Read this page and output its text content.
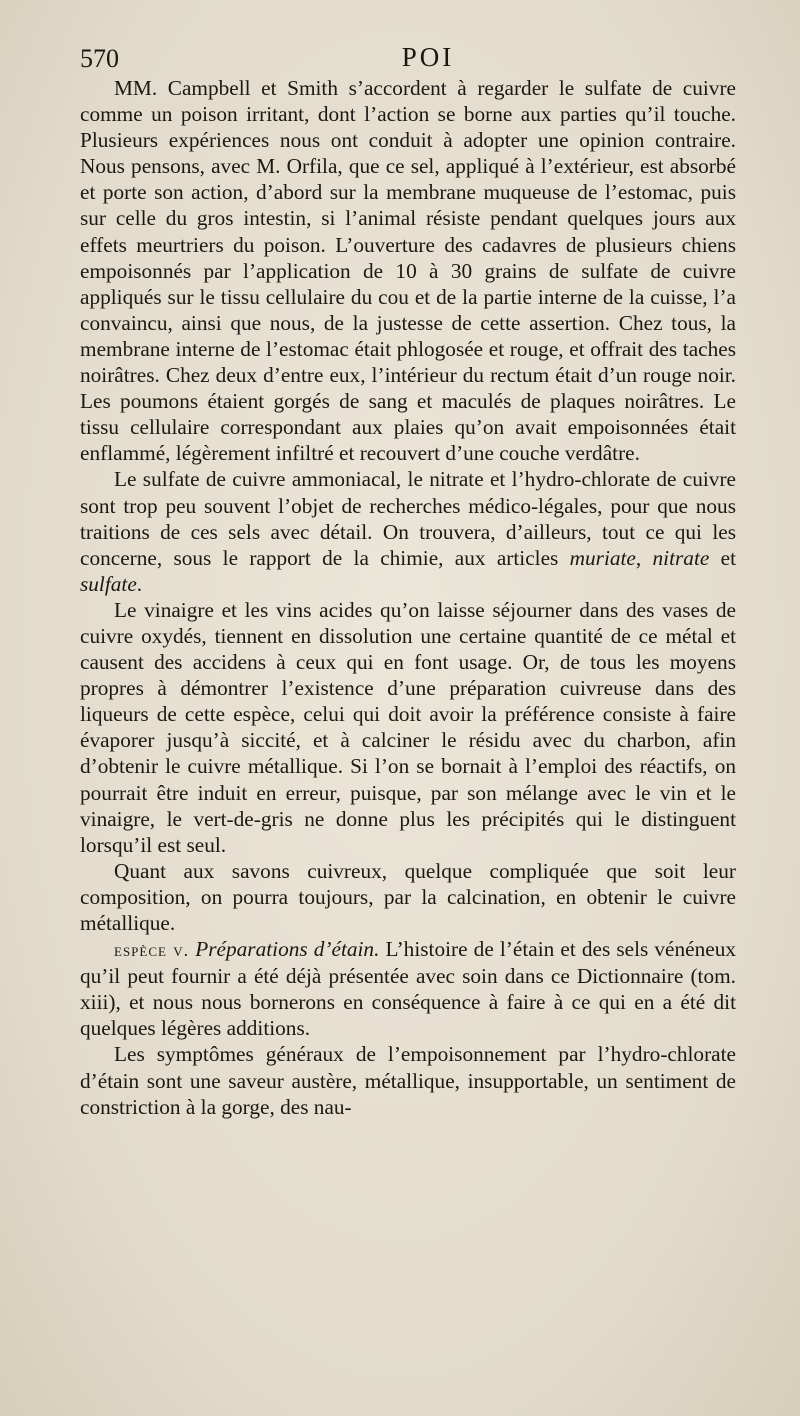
570	POI

MM. Campbell et Smith s’accordent à regarder le sulfate de cuivre comme un poison irritant, dont l’action se borne aux parties qu’il touche. Plusieurs expériences nous ont conduit à adopter une opinion contraire. Nous pensons, avec M. Orfila, que ce sel, appliqué à l’extérieur, est absorbé et porte son action, d’abord sur la membrane muqueuse de l’estomac, puis sur celle du gros intestin, si l’animal résiste pendant quelques jours aux effets meurtriers du poison. L’ouverture des cadavres de plusieurs chiens empoisonnés par l’application de 10 à 30 grains de sulfate de cuivre appliqués sur le tissu cellulaire du cou et de la partie interne de la cuisse, l’a convaincu, ainsi que nous, de la justesse de cette assertion. Chez tous, la membrane interne de l’estomac était phlogosée et rouge, et offrait des taches noirâtres. Chez deux d’entre eux, l’intérieur du rectum était d’un rouge noir. Les poumons étaient gorgés de sang et maculés de plaques noirâtres. Le tissu cellulaire correspondant aux plaies qu’on avait empoisonnées était enflammé, légèrement infiltré et recouvert d’une couche verdâtre.

Le sulfate de cuivre ammoniacal, le nitrate et l’hydro-chlorate de cuivre sont trop peu souvent l’objet de recherches médico-légales, pour que nous traitions de ces sels avec détail. On trouvera, d’ailleurs, tout ce qui les concerne, sous le rapport de la chimie, aux articles muriate, nitrate et sulfate.

Le vinaigre et les vins acides qu’on laisse séjourner dans des vases de cuivre oxydés, tiennent en dissolution une certaine quantité de ce métal et causent des accidens à ceux qui en font usage. Or, de tous les moyens propres à démontrer l’existence d’une préparation cuivreuse dans des liqueurs de cette espèce, celui qui doit avoir la préférence consiste à faire évaporer jusqu’à siccité, et à calciner le résidu avec du charbon, afin d’obtenir le cuivre métallique. Si l’on se bornait à l’emploi des réactifs, on pourrait être induit en erreur, puisque, par son mélange avec le vin et le vinaigre, le vert-de-gris ne donne plus les précipités qui le distinguent lorsqu’il est seul.

Quant aux savons cuivreux, quelque compliquée que soit leur composition, on pourra toujours, par la calcination, en obtenir le cuivre métallique.

espèce v. Préparations d’étain. L’histoire de l’étain et des sels vénéneux qu’il peut fournir a été déjà présentée avec soin dans ce Dictionnaire (tom. xiii), et nous nous bornerons en conséquence à faire à ce qui en a été dit quelques légères additions.

Les symptômes généraux de l’empoisonnement par l’hydro-chlorate d’étain sont une saveur austère, métallique, insupportable, un sentiment de constriction à la gorge, des nau-
